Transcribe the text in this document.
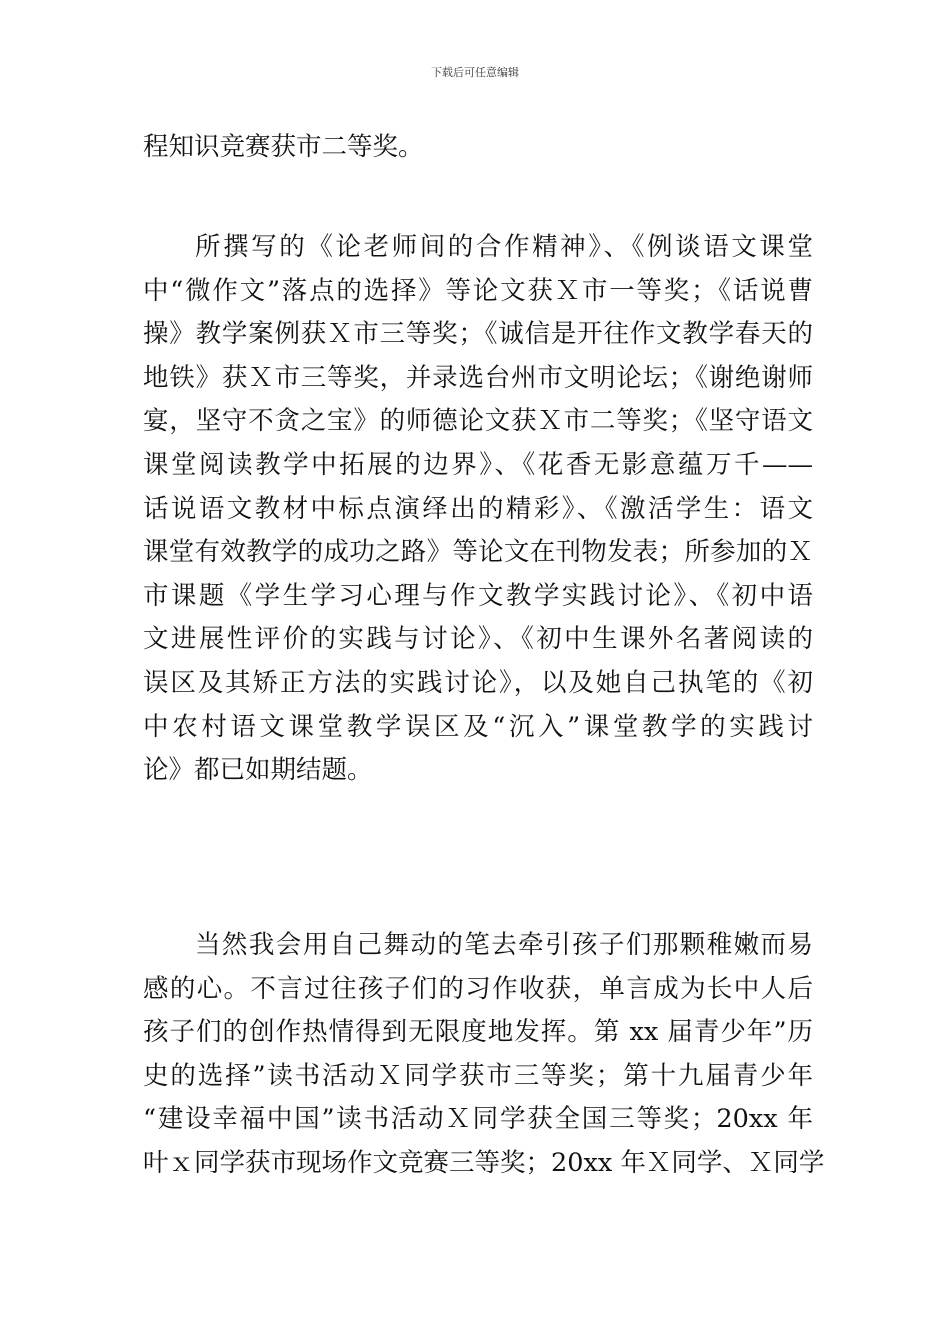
下载后可任意编辑
程知识竞赛获市二等奖。
所撰写的《论老师间的合作精神》、《例谈语文课堂
中“微作文”落点的选择》等论文获Ｘ市一等奖；《话说曹
操》教学案例获Ｘ市三等奖；《诚信是开往作文教学春天的
地铁》获Ｘ市三等奖，并录选台州市文明论坛；《谢绝谢师
宴，坚守不贪之宝》的师德论文获Ｘ市二等奖；《坚守语文
课堂阅读教学中拓展的边界》、《花香无影意蕴万千——
话说语文教材中标点演绎出的精彩》、《激活学生：语文
课堂有效教学的成功之路》等论文在刊物发表；所参加的Ｘ
市课题《学生学习心理与作文教学实践讨论》、《初中语
文进展性评价的实践与讨论》、《初中生课外名著阅读的
误区及其矫正方法的实践讨论》，以及她自己执笔的《初
中农村语文课堂教学误区及“沉入”课堂教学的实践讨
论》都已如期结题。
当然我会用自己舞动的笔去牵引孩子们那颗稚嫩而易
感的心。不言过往孩子们的习作收获，单言成为长中人后
孩子们的创作热情得到无限度地发挥。第 xx 届青少年”历
史的选择”读书活动Ｘ同学获市三等奖；第十九届青少年
“建设幸福中国”读书活动Ｘ同学获全国三等奖；20xx 年
叶ｘ同学获市现场作文竞赛三等奖；20xx 年Ｘ同学、Ｘ同学
